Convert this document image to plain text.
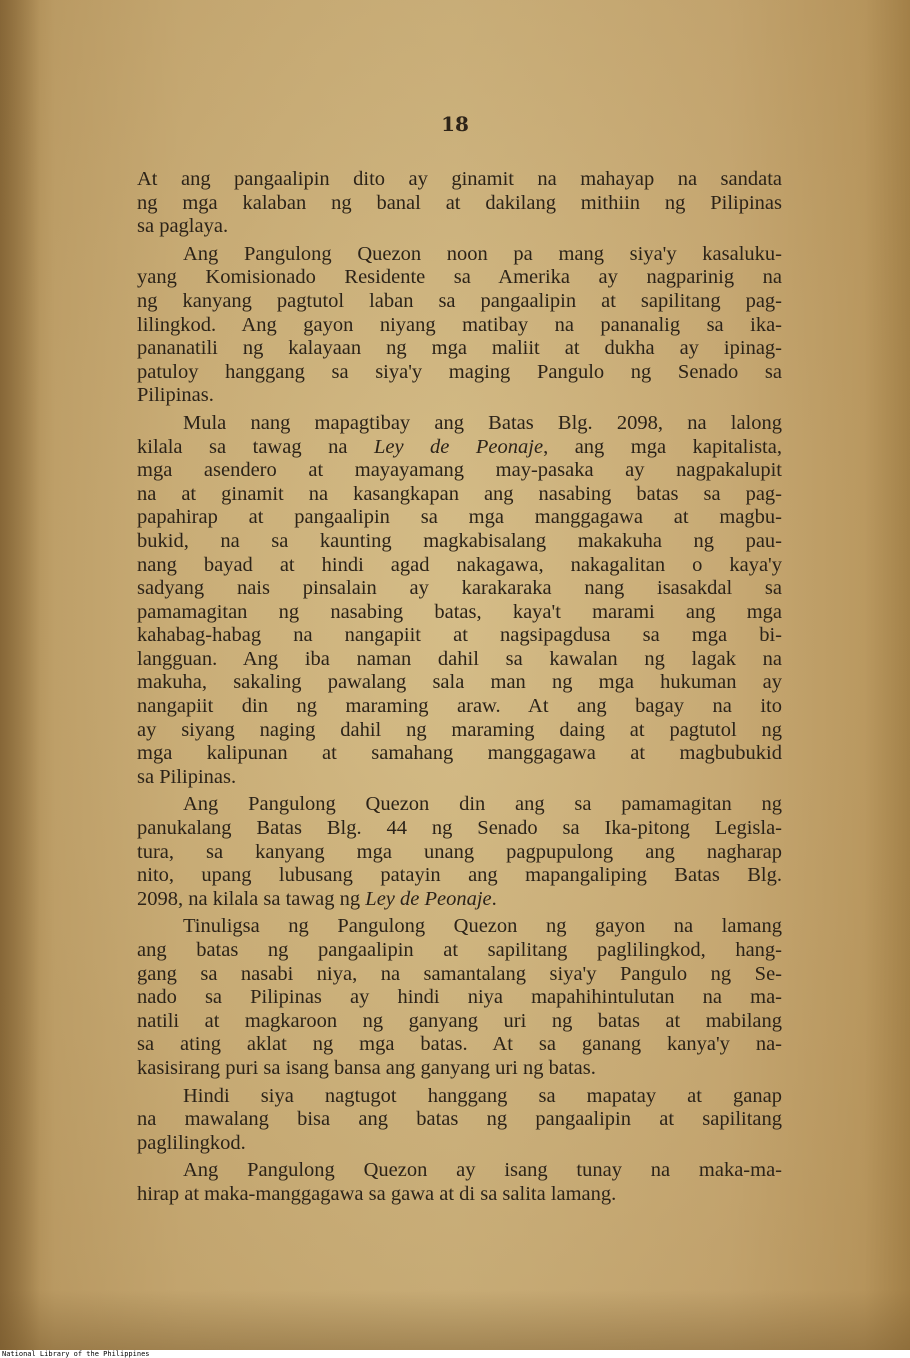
18
At ang pangaalipin dito ay ginamit na mahayap na sandata
ng mga kalaban ng banal at dakilang mithiin ng Pilipinas
sa paglaya.
Ang Pangulong Quezon noon pa mang siya'y kasaluku-
yang Komisionado Residente sa Amerika ay nagparinig na
ng kanyang pagtutol laban sa pangaalipin at sapilitang pag-
lilingkod. Ang gayon niyang matibay na pananalig sa ika-
pananatili ng kalayaan ng mga maliit at dukha ay ipinag-
patuloy hanggang sa siya'y maging Pangulo ng Senado sa
Pilipinas.
Mula nang mapagtibay ang Batas Blg. 2098, na lalong
kilala sa tawag na Ley de Peonaje, ang mga kapitalista,
mga asendero at mayayamang may-pasaka ay nagpakalupit
na at ginamit na kasangkapan ang nasabing batas sa pag-
papahirap at pangaalipin sa mga manggagawa at magbu-
bukid, na sa kaunting magkabisalang makakuha ng pau-
nang bayad at hindi agad nakagawa, nakagalitan o kaya'y
sadyang nais pinsalain ay karakaraka nang isasakdal sa
pamamagitan ng nasabing batas, kaya't marami ang mga
kahabag-habag na nangapiit at nagsipagdusa sa mga bi-
langguan. Ang iba naman dahil sa kawalan ng lagak na
makuha, sakaling pawalang sala man ng mga hukuman ay
nangapiit din ng maraming araw. At ang bagay na ito
ay siyang naging dahil ng maraming daing at pagtutol ng
mga kalipunan at samahang manggagawa at magbubukid
sa Pilipinas.
Ang Pangulong Quezon din ang sa pamamagitan ng
panukalang Batas Blg. 44 ng Senado sa Ika-pitong Legisla-
tura, sa kanyang mga unang pagpupulong ang nagharap
nito, upang lubusang patayin ang mapangaliping Batas Blg.
2098, na kilala sa tawag ng Ley de Peonaje.
Tinuligsa ng Pangulong Quezon ng gayon na lamang
ang batas ng pangaalipin at sapilitang paglilingkod, hang-
gang sa nasabi niya, na samantalang siya'y Pangulo ng Se-
nado sa Pilipinas ay hindi niya mapahihintulutan na ma-
natili at magkaroon ng ganyang uri ng batas at mabilang
sa ating aklat ng mga batas. At sa ganang kanya'y na-
kasisirang puri sa isang bansa ang ganyang uri ng batas.
Hindi siya nagtugot hanggang sa mapatay at ganap
na mawalang bisa ang batas ng pangaalipin at sapilitang
paglilingkod.
Ang Pangulong Quezon ay isang tunay na maka-ma-
hirap at maka-manggagawa sa gawa at di sa salita lamang.
National Library of the Philippines
